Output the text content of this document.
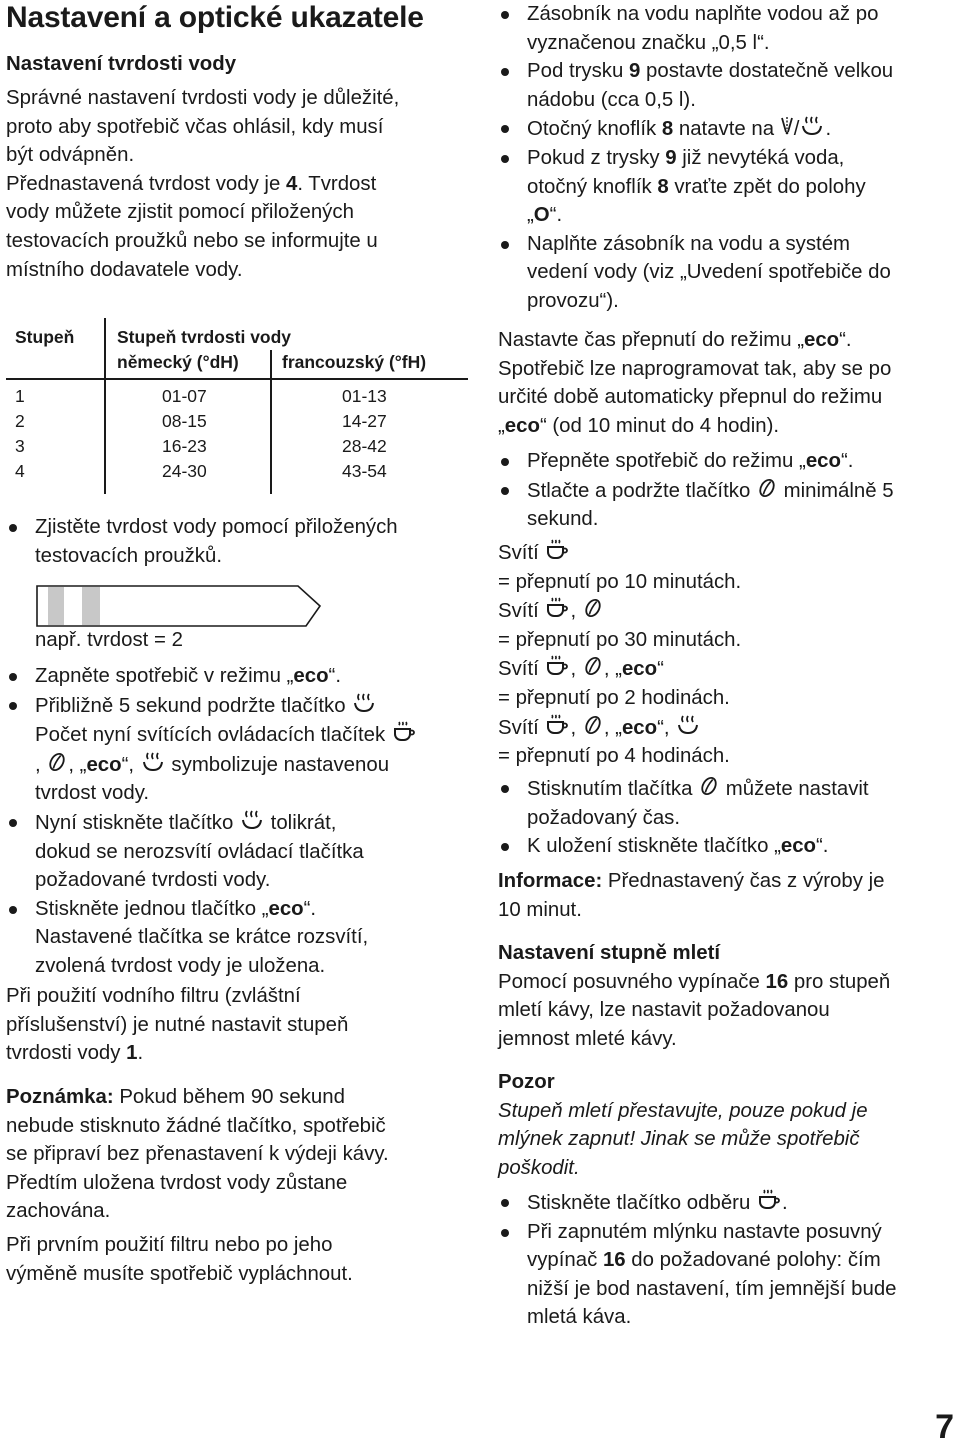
Nastavení a optické ukazatele
Nastavení tvrdosti vody

Správné nastavení tvrdosti vody je důležité,

proto aby spotřebič včas ohlásil, kdy musí

být odvápněn.

Přednastavená tvrdost vody je 4. Tvrdost

vody můžete zjistit pomocí přiložených

testovacích proužků nebo se informujte u

místního dodavatele vody.

Stupeň Stupeň tvrdosti vody
německý (°dH) francouzský (°fH)
1	01-07	01-13
2	08-15	14-27
3	16-23	28-42
4	24-30	43-54
Zjistěte tvrdost vody pomocí přiložených
testovacích proužků.

např. tvrdost = 2

Zapněte spotřebič v režimu „eco“.
Přibližně 5 sekund podržte tlačítko
Počet nyní svítících ovládacích tlačítek
, , „eco“, symbolizuje nastavenou
tvrdost vody.
Nyní stiskněte tlačítko tolikrát,
dokud se nerozsvítí ovládací tlačítka
požadované tvrdosti vody.
Stiskněte jednou tlačítko „eco“.
Nastavené tlačítka se krátce rozsvítí,
zvolená tvrdost vody je uložena.

Při použití vodního filtru (zvláštní

příslušenství) je nutné nastavit stupeň

tvrdosti vody 1.

Poznámka: Pokud během 90 sekund

nebude stisknuto žádné tlačítko, spotřebič

se připraví bez přenastavení k výdeji kávy.

Předtím uložena tvrdost vody zůstane

zachována.

Při prvním použití filtru nebo po jeho

výměně musíte spotřebič vypláchnout.

Zásobník na vodu naplňte vodou až po
vyznačenou značku „0,5 l“.
Pod trysku 9 postavte dostatečně velkou
nádobu (cca 0,5 l).
Otočný knoflík 8 natavte na / .
Pokud z trysky 9 již nevytéká voda,
otočný knoflík 8 vraťte zpět do polohy
„O“.
Naplňte zásobník na vodu a systém
vedení vody (viz „Uvedení spotřebiče do
provozu“).

Nastavte čas přepnutí do režimu „eco“.

Spotřebič lze naprogramovat tak, aby se po

určité době automaticky přepnul do režimu

„eco“ (od 10 minut do 4 hodin).

Přepněte spotřebič do režimu „eco“.
Stlačte a podržte tlačítko minimálně 5
sekund.

Svítí

= přepnutí po 10 minutách.

Svítí ,

= přepnutí po 30 minutách.

Svítí , , „eco“

= přepnutí po 2 hodinách.

Svítí , , „eco“,

= přepnutí po 4 hodinách.

Stisknutím tlačítka můžete nastavit
požadovaný čas.
K uložení stiskněte tlačítko „eco“.

Informace: Přednastavený čas z výroby je

10 minut.

Nastavení stupně mletí

Pomocí posuvného vypínače 16 pro stupeň

mletí kávy, lze nastavit požadovanou

jemnost mleté kávy.

Pozor

Stupeň mletí přestavujte, pouze pokud je

mlýnek zapnut! Jinak se může spotřebič

poškodit.

Stiskněte tlačítko odběru .
Při zapnutém mlýnku nastavte posuvný
vypínač 16 do požadované polohy: čím
nižší je bod nastavení, tím jemnější bude
mletá káva.
7
